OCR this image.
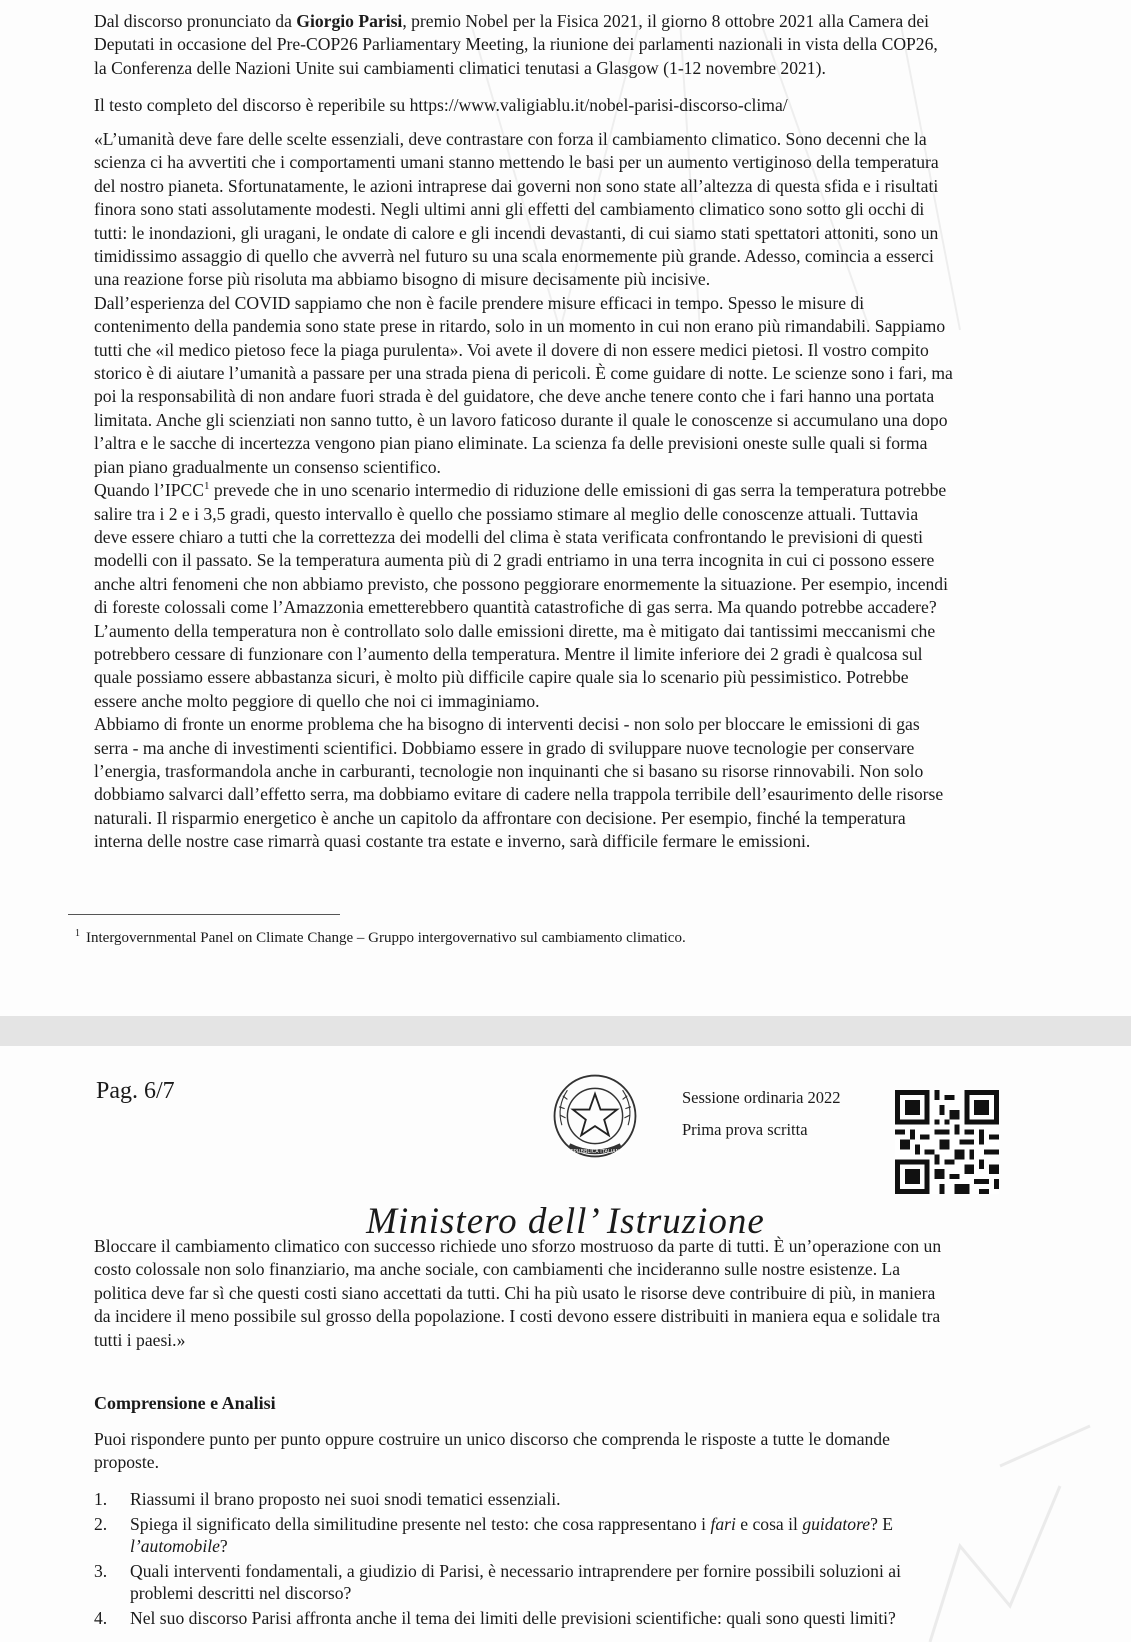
Dal discorso pronunciato da Giorgio Parisi, premio Nobel per la Fisica 2021, il giorno 8 ottobre 2021 alla Camera dei
Deputati in occasione del Pre-COP26 Parliamentary Meeting, la riunione dei parlamenti nazionali in vista della COP26,
la Conferenza delle Nazioni Unite sui cambiamenti climatici tenutasi a Glasgow (1-12 novembre 2021).
Il testo completo del discorso è reperibile su https://www.valigiablu.it/nobel-parisi-discorso-clima/

«L’umanità deve fare delle scelte essenziali, deve contrastare con forza il cambiamento climatico. Sono decenni che la
scienza ci ha avvertiti che i comportamenti umani stanno mettendo le basi per un aumento vertiginoso della temperatura
del nostro pianeta. Sfortunatamente, le azioni intraprese dai governi non sono state all’altezza di questa sfida e i risultati
finora sono stati assolutamente modesti. Negli ultimi anni gli effetti del cambiamento climatico sono sotto gli occhi di
tutti: le inondazioni, gli uragani, le ondate di calore e gli incendi devastanti, di cui siamo stati spettatori attoniti, sono un
timidissimo assaggio di quello che avverrà nel futuro su una scala enormemente più grande. Adesso, comincia a esserci
una reazione forse più risoluta ma abbiamo bisogno di misure decisamente più incisive.

Dall’esperienza del COVID sappiamo che non è facile prendere misure efficaci in tempo. Spesso le misure di
contenimento della pandemia sono state prese in ritardo, solo in un momento in cui non erano più rimandabili. Sappiamo
tutti che «il medico pietoso fece la piaga purulenta». Voi avete il dovere di non essere medici pietosi. Il vostro compito
storico è di aiutare l’umanità a passare per una strada piena di pericoli. È come guidare di notte. Le scienze sono i fari, ma
poi la responsabilità di non andare fuori strada è del guidatore, che deve anche tenere conto che i fari hanno una portata
limitata. Anche gli scienziati non sanno tutto, è un lavoro faticoso durante il quale le conoscenze si accumulano una dopo
l’altra e le sacche di incertezza vengono pian piano eliminate. La scienza fa delle previsioni oneste sulle quali si forma
pian piano gradualmente un consenso scientifico.

Quando l’IPCC$^1$ prevede che in uno scenario intermedio di riduzione delle emissioni di gas serra la temperatura potrebbe
salire tra i 2 e i 3,5 gradi, questo intervallo è quello che possiamo stimare al meglio delle conoscenze attuali. Tuttavia
deve essere chiaro a tutti che la correttezza dei modelli del clima è stata verificata confrontando le previsioni di questi
modelli con il passato. Se la temperatura aumenta più di 2 gradi entriamo in una terra incognita in cui ci possono essere
anche altri fenomeni che non abbiamo previsto, che possono peggiorare enormemente la situazione. Per esempio, incendi
di foreste colossali come l’Amazzonia emetterebbero quantità catastrofiche di gas serra. Ma quando potrebbe accadere?
L’aumento della temperatura non è controllato solo dalle emissioni dirette, ma è mitigato dai tantissimi meccanismi che
potrebbero cessare di funzionare con l’aumento della temperatura. Mentre il limite inferiore dei 2 gradi è qualcosa sul
quale possiamo essere abbastanza sicuri, è molto più difficile capire quale sia lo scenario più pessimistico. Potrebbe
essere anche molto peggiore di quello che noi ci immaginiamo.

Abbiamo di fronte un enorme problema che ha bisogno di interventi decisi - non solo per bloccare le emissioni di gas
serra - ma anche di investimenti scientifici. Dobbiamo essere in grado di sviluppare nuove tecnologie per conservare
l’energia, trasformandola anche in carburanti, tecnologie non inquinanti che si basano su risorse rinnovabili. Non solo
dobbiamo salvarci dall’effetto serra, ma dobbiamo evitare di cadere nella trappola terribile dell’esaurimento delle risorse
naturali. Il risparmio energetico è anche un capitolo da affrontare con decisione. Per esempio, finché la temperatura
interna delle nostre case rimarrà quasi costante tra estate e inverno, sarà difficile fermare le emissioni.

$^1$ Intergovernmental Panel on Climate Change – Gruppo intergovernativo sul cambiamento climatico.
Pag. 6/7
REPUBBLICA ITALIANA
Sessione ordinaria 2022
Prima prova scritta
Ministero dell’ Istruzione
Bloccare il cambiamento climatico con successo richiede uno sforzo mostruoso da parte di tutti. È un’operazione con un
costo colossale non solo finanziario, ma anche sociale, con cambiamenti che incideranno sulle nostre esistenze. La
politica deve far sì che questi costi siano accettati da tutti. Chi ha più usato le risorse deve contribuire di più, in maniera
da incidere il meno possibile sul grosso della popolazione. I costi devono essere distribuiti in maniera equa e solidale tra
tutti i paesi.»
Comprensione e Analisi
Puoi rispondere punto per punto oppure costruire un unico discorso che comprenda le risposte a tutte le domande
proposte.
1. Riassumi il brano proposto nei suoi snodi tematici essenziali.
2. Spiega il significato della similitudine presente nel testo: che cosa rappresentano i fari e cosa il guidatore? E
l’automobile?
3. Quali interventi fondamentali, a giudizio di Parisi, è necessario intraprendere per fornire possibili soluzioni ai
problemi descritti nel discorso?
4. Nel suo discorso Parisi affronta anche il tema dei limiti delle previsioni scientifiche: quali sono questi limiti?
